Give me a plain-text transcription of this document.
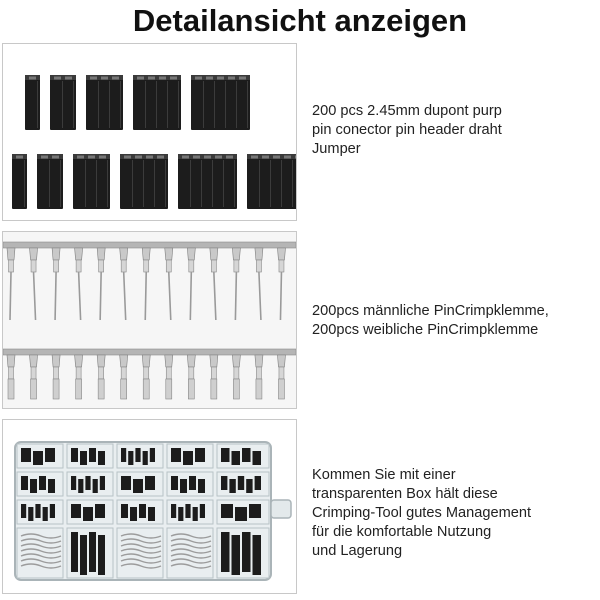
Detailansicht anzeigen
200 pcs 2.45mm dupont purp
pin conector pin header draht
Jumper
200pcs männliche PinCrimpklemme,
200pcs weibliche PinCrimpklemme
Kommen Sie mit einer
transparenten Box hält diese
Crimping-Tool gutes Management
für die komfortable Nutzung
und Lagerung
